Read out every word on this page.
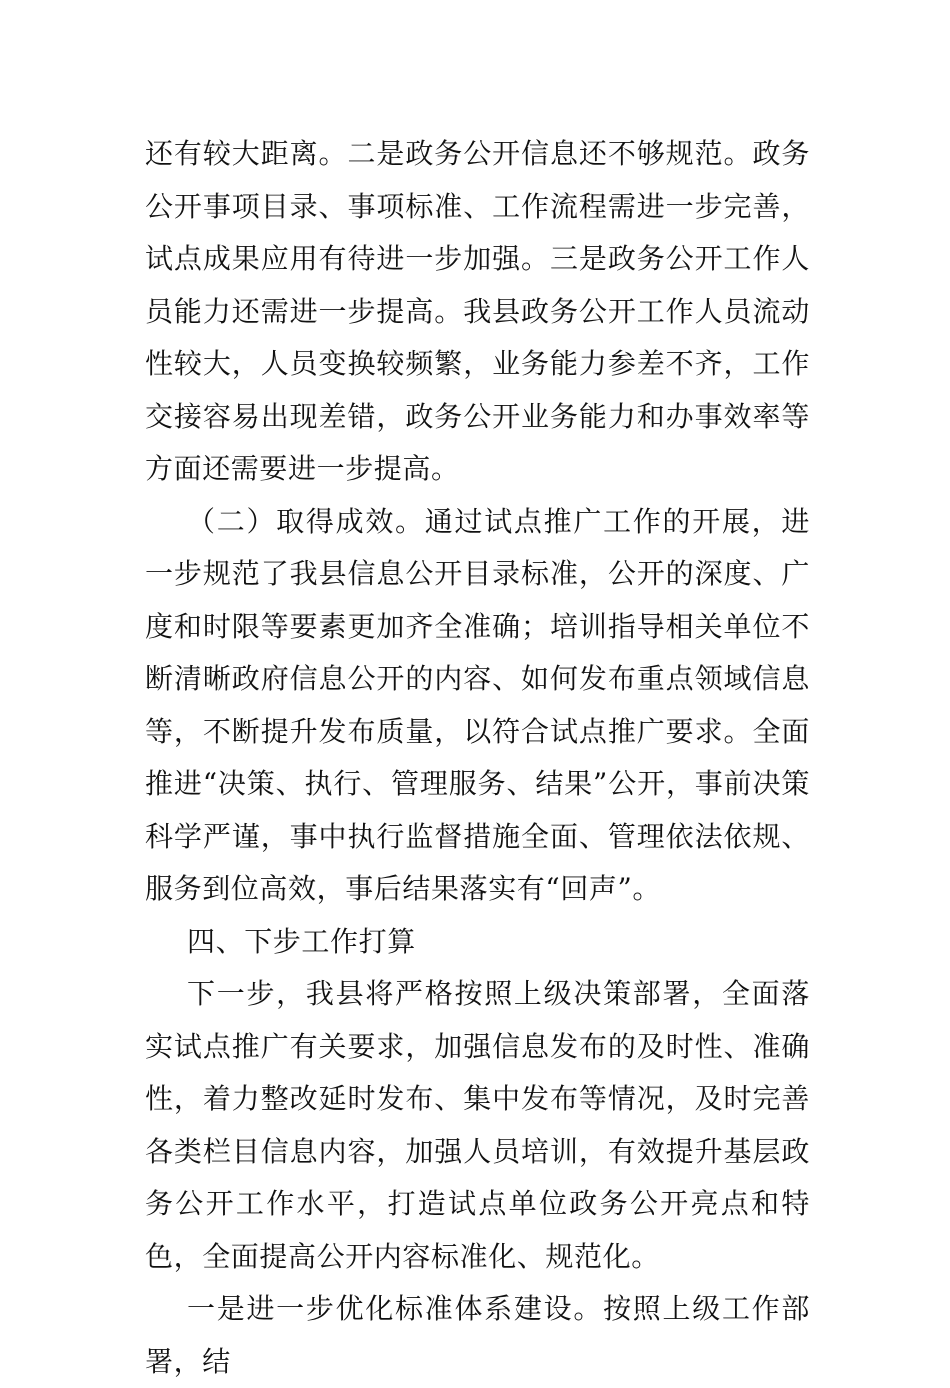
还有较大距离。二是政务公开信息还不够规范。政务公开事项目录、事项标准、工作流程需进一步完善，试点成果应用有待进一步加强。三是政务公开工作人员能力还需进一步提高。我县政务公开工作人员流动性较大，人员变换较频繁，业务能力参差不齐，工作交接容易出现差错，政务公开业务能力和办事效率等方面还需要进一步提高。

（二）取得成效。通过试点推广工作的开展，进一步规范了我县信息公开目录标准，公开的深度、广度和时限等要素更加齐全准确；培训指导相关单位不断清晰政府信息公开的内容、如何发布重点领域信息等，不断提升发布质量，以符合试点推广要求。全面推进“决策、执行、管理服务、结果”公开，事前决策科学严谨，事中执行监督措施全面、管理依法依规、服务到位高效，事后结果落实有“回声”。

四、下步工作打算

下一步，我县将严格按照上级决策部署，全面落实试点推广有关要求，加强信息发布的及时性、准确性，着力整改延时发布、集中发布等情况，及时完善各类栏目信息内容，加强人员培训，有效提升基层政务公开工作水平，打造试点单位政务公开亮点和特色，全面提高公开内容标准化、规范化。

一是进一步优化标准体系建设。按照上级工作部署，结
